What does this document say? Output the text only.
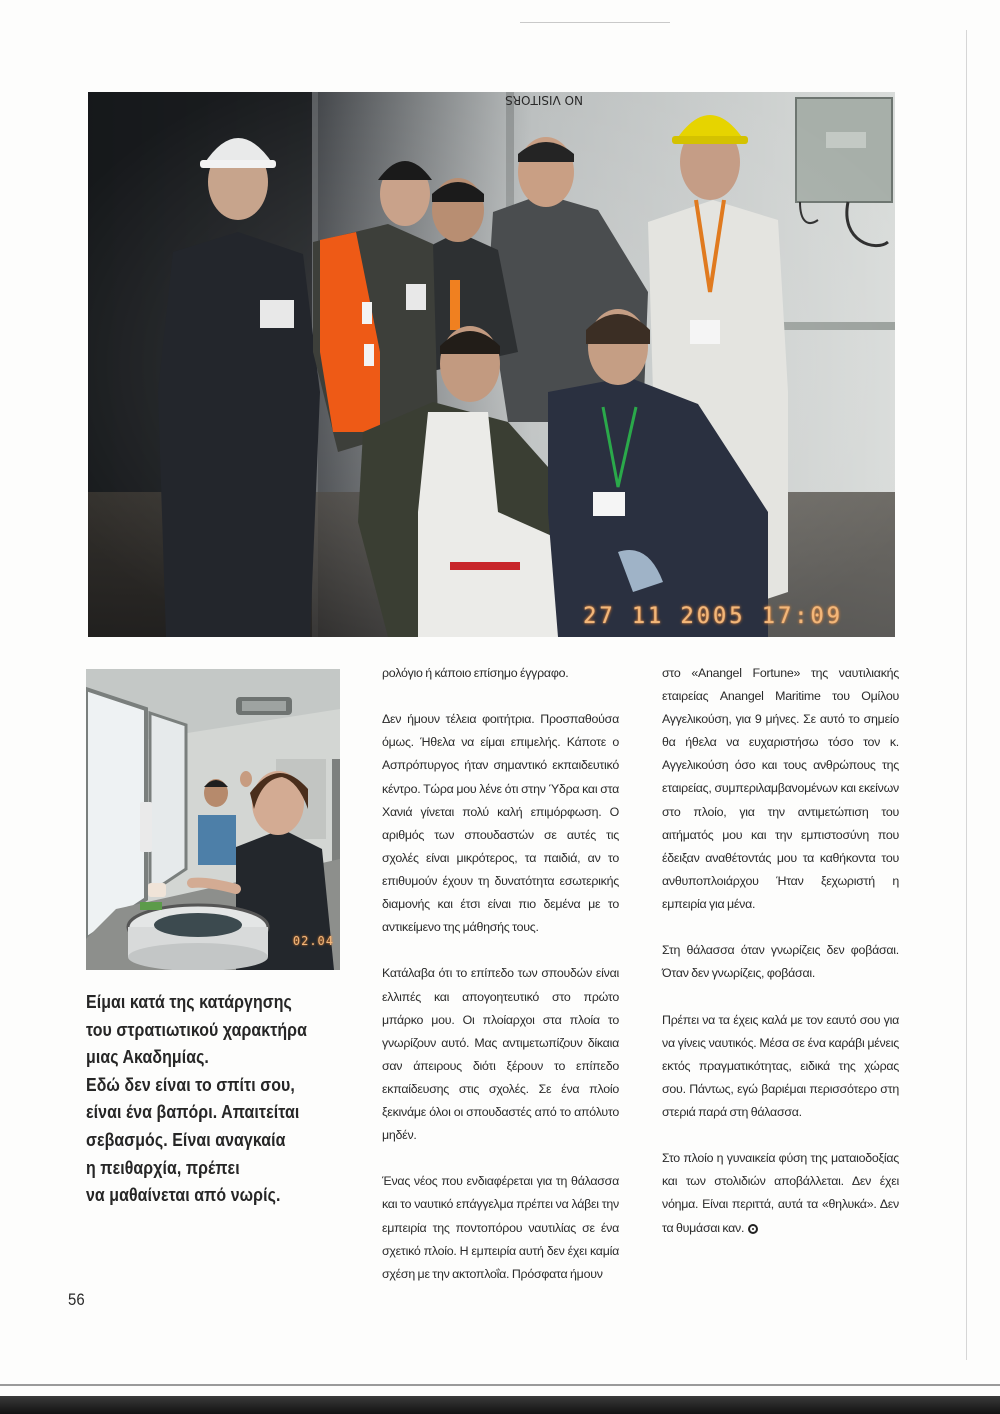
27 11 2005 17:09
02.04
Είμαι κατά της κατάργησης
του στρατιωτικού χαρακτήρα
μιας Ακαδημίας.
Εδώ δεν είναι το σπίτι σου,
είναι ένα βαπόρι. Απαιτείται
σεβασμός. Είναι αναγκαία
η πειθαρχία, πρέπει
να μαθαίνεται από νωρίς.

ρολόγιο ή κάποιο επίσημο έγγραφο.

Δεν ήμουν τέλεια φοιτήτρια. Προσπαθούσα όμως. Ήθελα να είμαι επιμελής. Κάποτε ο Ασπρόπυργος ήταν σημαντικό εκπαιδευτικό κέντρο. Τώρα μου λένε ότι στην Ύδρα και στα Χανιά γίνεται πολύ καλή επιμόρφωση. Ο αριθμός των σπουδαστών σε αυτές τις σχολές είναι μικρότερος, τα παιδιά, αν το επιθυμούν έχουν τη δυνατότητα εσωτερικής διαμονής και έτσι είναι πιο δεμένα με το αντικείμενο της μάθησής τους.

Κατάλαβα ότι το επίπεδο των σπουδών είναι ελλιπές και απογοητευτικό στο πρώτο μπάρκο μου. Οι πλοίαρχοι στα πλοία το γνωρίζουν αυτό. Μας αντιμετωπίζουν δίκαια σαν άπειρους διότι ξέρουν το επίπεδο εκπαίδευσης στις σχολές. Σε ένα πλοίο ξεκινάμε όλοι οι σπουδαστές από το απόλυτο μηδέν.

Ένας νέος που ενδιαφέρεται για τη θάλασσα και το ναυτικό επάγγελμα πρέπει να λάβει την εμπειρία της ποντοπόρου ναυτιλίας σε ένα σχετικό πλοίο. Η εμπειρία αυτή δεν έχει καμία σχέση με την ακτοπλοΐα. Πρόσφατα ήμουν

στο «Anangel Fortune» της ναυτιλιακής εταιρείας Anangel Maritime του Ομίλου Αγγελικούση, για 9 μήνες. Σε αυτό το σημείο θα ήθελα να ευχαριστήσω τόσο τον κ. Αγγελικούση όσο και τους ανθρώπους της εταιρείας, συμπεριλαμβανομένων και εκείνων στο πλοίο, για την αντιμετώπιση του αιτήματός μου και την εμπιστοσύνη που έδειξαν αναθέτοντάς μου τα καθήκοντα του ανθυποπλοιάρχου Ήταν ξεχωριστή η εμπειρία για μένα.

Στη θάλασσα όταν γνωρίζεις δεν φοβάσαι. Όταν δεν γνωρίζεις, φοβάσαι.

Πρέπει να τα έχεις καλά με τον εαυτό σου για να γίνεις ναυτικός. Μέσα σε ένα καράβι μένεις εκτός πραγματικότητας, ειδικά της χώρας σου. Πάντως, εγώ βαριέμαι περισσότερο στη στεριά παρά στη θάλασσα.

Στο πλοίο η γυναικεία φύση της ματαιοδοξίας και των στολιδιών αποβάλλεται. Δεν έχει νόημα. Είναι περιττά, αυτά τα «θηλυκά». Δεν τα θυμάσαι καν.

56
